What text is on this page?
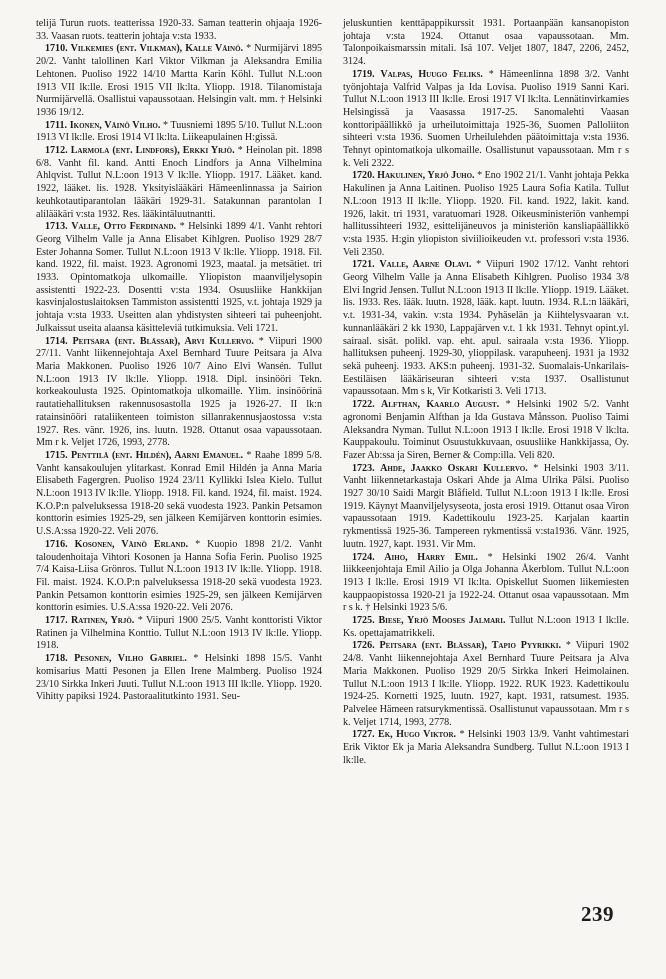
telijä Turun ruots. teatterissa 1920-33. Saman teatterin ohjaaja 1926-33. Vaasan ruots. teatterin johtaja v:sta 1933.

1710. Vilkemies (ent. Vilkman), Kalle Väinö. * Nurmijärvi 1895 20/2. Vanht talollinen Karl Viktor Vilkman ja Aleksandra Emilia Lehtonen. Puoliso 1922 14/10 Martta Karin Köhl. Tullut N.L:oon 1913 VII lk:lle. Erosi 1915 VII lk:lta. Yliopp. 1918. Tilanomistaja Nurmijärvellä. Osallistui vapaussotaan. Helsingin valt. mm. † Helsinki 1936 19/12.

1711. Ikonen, Väinö Vilho. * Tuusniemi 1895 5/10. Tullut N.L:oon 1913 VI lk:lle. Erosi 1914 VI lk:lta. Liikeapulainen H:gissä.

1712. Larmola (ent. Lindfors), Erkki Yrjö. * Heinolan pit. 1898 6/8. Vanht fil. kand. Antti Enoch Lindfors ja Anna Vilhelmina Ahlqvist. Tullut N.L:oon 1913 V lk:lle. Yliopp. 1917. Lääket. kand. 1922, lääket. lis. 1928. Yksityislääkäri Hämeenlinnassa ja Sairion keuhkotautiparantolan lääkäri 1929-31. Satakunnan parantolan I alilääkäri v:sta 1932. Res. lääkintäluutnantti.

1713. Valle, Otto Ferdinand. * Helsinki 1899 4/1. Vanht rehtori Georg Vilhelm Valle ja Anna Elisabet Kihlgren. Puoliso 1929 28/7 Ester Johanna Somer. Tullut N.L:oon 1913 V lk:lle. Yliopp. 1918. Fil. kand. 1922, fil. maist. 1923. Agronomi 1923, maatal. ja metsätiet. tri 1933. Opintomatkoja ulkomaille. Yliopiston maanviljelysopin assistentti 1922-23. Dosentti v:sta 1934. Osuusliike Hankkijan kasvinjalostuslaitoksen Tammiston assistentti 1925, v.t. johtaja 1929 ja johtaja v:sta 1933. Useitten alan yhdistysten sihteeri tai puheenjoht. Julkaissut useita alaansa käsitteleviä tutkimuksia. Veli 1721.

1714. Peitsara (ent. Blässar), Arvi Kullervo. * Viipuri 1900 27/11. Vanht liikennejohtaja Axel Bernhard Tuure Peitsara ja Alva Maria Makkonen. Puoliso 1926 10/7 Aino Elvi Wansén. Tullut N.L:oon 1913 IV lk:lle. Yliopp. 1918. Dipl. insinööri Tekn. korkeakoulusta 1925. Opintomatkoja ulkomaille. Ylim. insinöörinä rautatiehallituksen rakennusosastolla 1925 ja 1926-27. II lk:n ratainsinööri rataliikenteen toimiston sillanrakennusjaostossa v:sta 1927. Res. vänr. 1926, ins. luutn. 1928. Ottanut osaa vapaussotaan. Mm r k. Veljet 1726, 1993, 2778.

1715. Penttilä (ent. Hildén), Aarni Emanuel. * Raahe 1899 5/8. Vanht kansakoulujen ylitarkast. Konrad Emil Hildén ja Anna Maria Elisabeth Fagergren. Puoliso 1924 23/11 Kyllikki Islea Kielo. Tullut N.L:oon 1913 IV lk:lle. Yliopp. 1918. Fil. kand. 1924, fil. maist. 1924. K.O.P:n palveluksessa 1918-20 sekä vuodesta 1923. Pankin Petsamon konttorin esimies 1925-29, sen jälkeen Kemijärven konttorin esimies. U.S.A:ssa 1920-22. Veli 2076.

1716. Kosonen, Väinö Erland. * Kuopio 1898 21/2. Vanht taloudenhoitaja Vihtori Kosonen ja Hanna Sofia Ferin. Puoliso 1925 7/4 Kaisa-Liisa Grönros. Tullut N.L:oon 1913 IV lk:lle. Yliopp. 1918. Fil. maist. 1924. K.O.P:n palveluksessa 1918-20 sekä vuodesta 1923. Pankin Petsamon konttorin esimies 1925-29, sen jälkeen Kemijärven konttorin esimies. U.S.A:ssa 1920-22. Veli 2076.

1717. Ratinen, Yrjö. * Viipuri 1900 25/5. Vanht konttoristi Viktor Ratinen ja Vilhelmina Konttio. Tullut N.L:oon 1913 IV lk:lle. Yliopp. 1918.

1718. Pesonen, Vilho Gabriel. * Helsinki 1898 15/5. Vanht komisarius Matti Pesonen ja Ellen Irene Malmberg. Puoliso 1924 23/10 Sirkka Inkeri Juuti. Tullut N.L:oon 1913 III lk:lle. Yliopp. 1920. Vihitty papiksi 1924. Pastoraalitutkinto 1931. Seu-

jeluskuntien kenttäpappikurssit 1931. Portaanpään kansanopiston johtaja v:sta 1924. Ottanut osaa vapaussotaan. Mm. Talonpoikaismarssin mitali. Isä 107. Veljet 1807, 1847, 2206, 2452, 3124.

1719. Valpas, Huugo Feliks. * Hämeenlinna 1898 3/2. Vanht työnjohtaja Valfrid Valpas ja Ida Lovisa. Puoliso 1919 Sanni Kari. Tullut N.L:oon 1913 III lk:lle. Erosi 1917 VI lk:lta. Lennätinvirkamies Helsingissä ja Vaasassa 1917-25. Sanomalehti Vaasan konttoripäällikkö ja urheilutoimittaja 1925-36, Suomen Palloliiton sihteeri v:sta 1936. Suomen Urheilulehden päätoimittaja v:sta 1936. Tehnyt opintomatkoja ulkomaille. Osallistunut vapaussotaan. Mm r s k. Veli 2322.

1720. Hakulinen, Yrjö Juho. * Eno 1902 21/1. Vanht johtaja Pekka Hakulinen ja Anna Laitinen. Puoliso 1925 Laura Sofia Katila. Tullut N.L:oon 1913 II lk:lle. Yliopp. 1920. Fil. kand. 1922, lakit. kand. 1926, lakit. tri 1931, varatuomari 1928. Oikeusministeriön vanhempi hallitussihteeri 1932, esittelijäneuvos ja ministeriön kansliapäällikkö v:sta 1935. H:gin yliopiston siviilioikeuden v.t. professori v:sta 1936. Veli 2350.

1721. Valle, Aarne Olavi. * Viipuri 1902 17/12. Vanht rehtori Georg Vilhelm Valle ja Anna Elisabeth Kihlgren. Puoliso 1934 3/8 Elvi Ingrid Jensen. Tullut N.L:oon 1913 II lk:lle. Yliopp. 1919. Lääket. lis. 1933. Res. lääk. luutn. 1928, lääk. kapt. luutn. 1934. R.L:n lääkäri, v.t. 1931-34, vakin. v:sta 1934. Pyhäselän ja Kiihtelysvaaran v.t. kunnanlääkäri 2 kk 1930, Lappajärven v.t. 1 kk 1931. Tehnyt opint.yl. sairaal. sisät. polikl. vap. eht. apul. sairaala v:sta 1936. Yliopp. hallituksen puheenj. 1929-30, ylioppilask. varapuheenj. 1931 ja 1932 sekä puheenj. 1933. AKS:n puheenj. 1931-32. Suomalais-Unkarilais-Eestiläisen lääkäriseuran sihteeri v:sta 1937. Osallistunut vapaussotaan. Mm s k, Vir Kotkaristi 3. Veli 1713.

1722. Alfthan, Kaarlo August. * Helsinki 1902 5/2. Vanht agronomi Benjamin Alfthan ja Ida Gustava Månsson. Puoliso Taimi Aleksandra Nyman. Tullut N.L:oon 1913 I lk:lle. Erosi 1918 V lk:lta. Kauppakoulu. Toiminut Osuustukkuvaan, osuusliike Hankkijassa, Oy. Fazer Ab:ssa ja Siren, Berner & Comp:illa. Veli 820.

1723. Ahde, Jaakko Oskari Kullervo. * Helsinki 1903 3/11. Vanht liikennetarkastaja Oskari Ahde ja Alma Ulrika Pälsi. Puoliso 1927 30/10 Saidi Margit Blåfield. Tullut N.L:oon 1913 I lk:lle. Erosi 1919. Käynyt Maanviljelysyseota, josta erosi 1919. Ottanut osaa Viron vapaussotaan 1919. Kadettikoulu 1923-25. Karjalan kaartin rykmentissä 1925-36. Tampereen rykmentissä v:sta1936. Vänr. 1925, luutn. 1927, kapt. 1931. Vir Mm.

1724. Aiho, Harry Emil. * Helsinki 1902 26/4. Vanht liikkeenjohtaja Emil Ailio ja Olga Johanna Åkerblom. Tullut N.L:oon 1913 I lk:lle. Erosi 1919 VI lk:lta. Opiskellut Suomen liikemiesten kauppaopistossa 1920-21 ja 1922-24. Ottanut osaa vapaussotaan. Mm r s k. † Helsinki 1923 5/6.

1725. Biese, Yrjö Mooses Jalmari. Tullut N.L:oon 1913 I lk:lle. Ks. opettajamatrikkeli.

1726. Peitsara (ent. Blässar), Tapio Pyyrikki. * Viipuri 1902 24/8. Vanht liikennejohtaja Axel Bernhard Tuure Peitsara ja Alva Maria Makkonen. Puoliso 1929 20/5 Sirkka Inkeri Heimolainen. Tullut N.L:oon 1913 I lk:lle. Yliopp. 1922. RUK 1923. Kadettikoulu 1924-25. Kornetti 1925, luutn. 1927, kapt. 1931, ratsumest. 1935. Palvelee Hämeen ratsurykmentissä. Osallistunut vapaussotaan. Mm r s k. Veljet 1714, 1993, 2778.

1727. Ek, Hugo Viktor. * Helsinki 1903 13/9. Vanht vahtimestari Erik Viktor Ek ja Maria Aleksandra Sundberg. Tullut N.L:oon 1913 I lk:lle.

239
